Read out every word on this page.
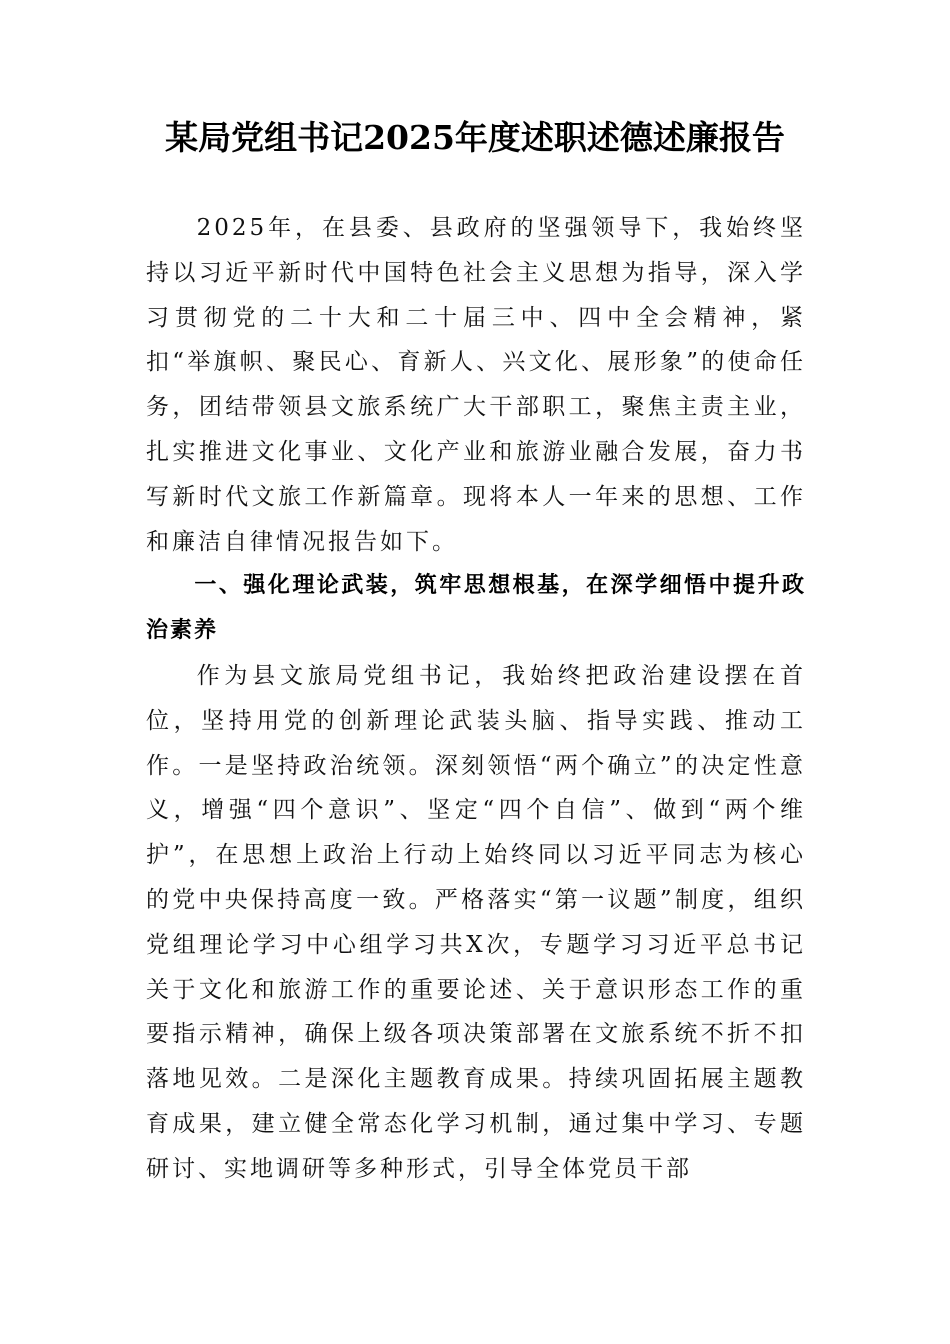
某局党组书记2025年度述职述德述廉报告

2025年，在县委、县政府的坚强领导下，我始终坚持以习近平新时代中国特色社会主义思想为指导，深入学习贯彻党的二十大和二十届三中、四中全会精神，紧扣“举旗帜、聚民心、育新人、兴文化、展形象”的使命任务，团结带领县文旅系统广大干部职工，聚焦主责主业，扎实推进文化事业、文化产业和旅游业融合发展，奋力书写新时代文旅工作新篇章。现将本人一年来的思想、工作和廉洁自律情况报告如下。

一、强化理论武装，筑牢思想根基，在深学细悟中提升政治素养

作为县文旅局党组书记，我始终把政治建设摆在首位，坚持用党的创新理论武装头脑、指导实践、推动工作。一是坚持政治统领。深刻领悟“两个确立”的决定性意义，增强“四个意识”、坚定“四个自信”、做到“两个维护”，在思想上政治上行动上始终同以习近平同志为核心的党中央保持高度一致。严格落实“第一议题”制度，组织党组理论学习中心组学习共X次，专题学习习近平总书记关于文化和旅游工作的重要论述、关于意识形态工作的重要指示精神，确保上级各项决策部署在文旅系统不折不扣落地见效。二是深化主题教育成果。持续巩固拓展主题教育成果，建立健全常态化学习机制，通过集中学习、专题研讨、实地调研等多种形式，引导全体党员干部
